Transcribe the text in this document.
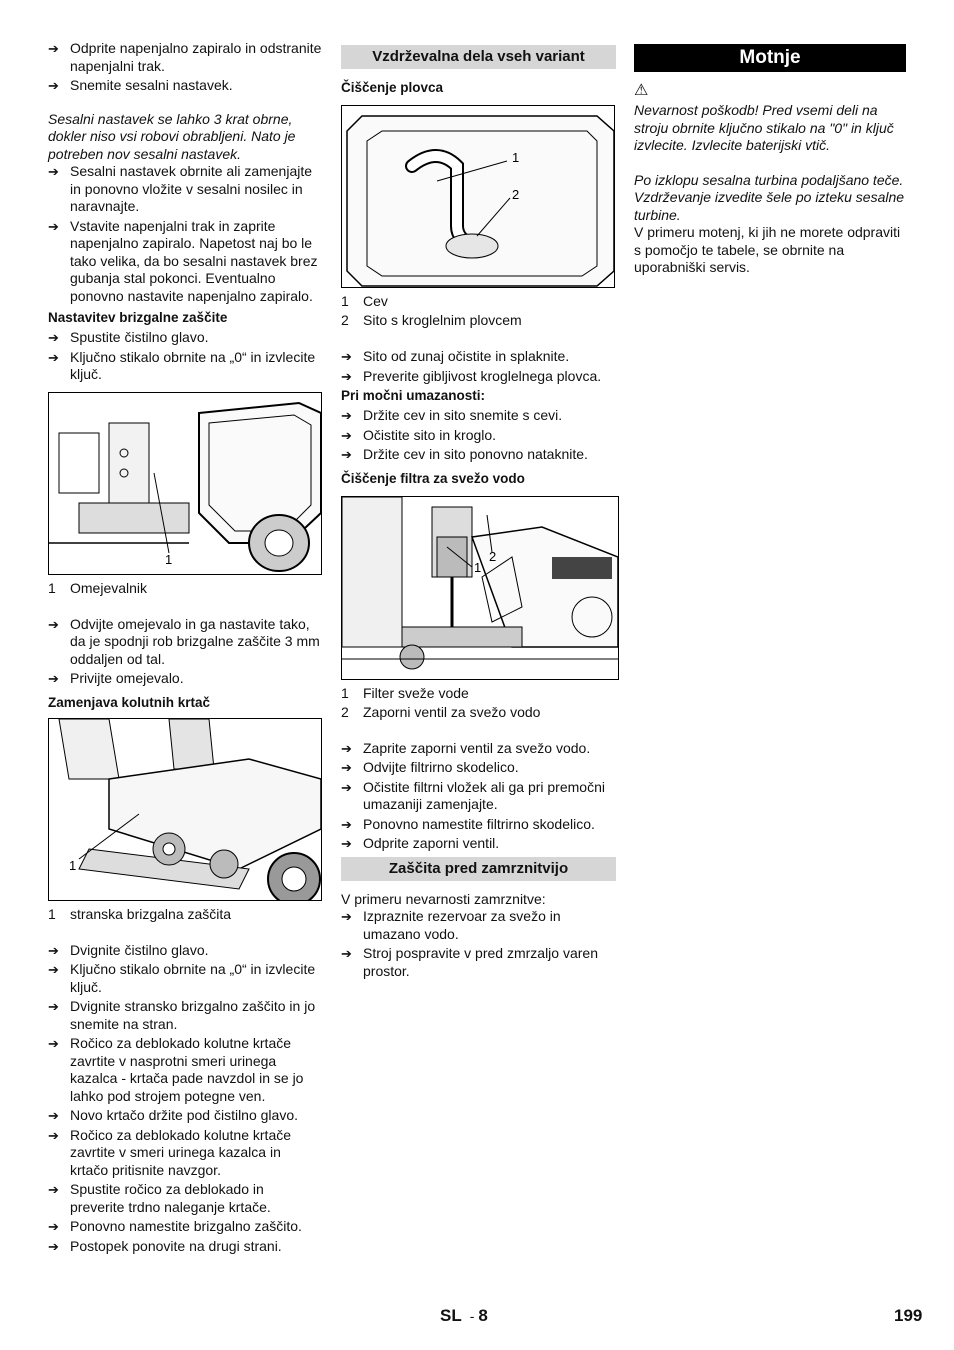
➔ Odprite napenjalno zapiralo in odstranite napenjalni trak.
➔ Snemite sesalni nastavek.
Sesalni nastavek se lahko 3 krat obrne, dokler niso vsi robovi obrabljeni. Nato je potreben nov sesalni nastavek.
➔ Sesalni nastavek obrnite ali zamenjajte in ponovno vložite v sesalni nosilec in naravnajte.
➔ Vstavite napenjalni trak in zaprite napenjalno zapiralo. Napetost naj bo le tako velika, da bo sesalni nastavek brez gubanja stal pokonci. Eventualno ponovno nastavite napenjalno zapiralo.
Nastavitev brizgalne zaščite
➔ Spustite čistilno glavo.
➔ Ključno stikalo obrnite na „0“ in izvlecite ključ.
1
1 Omejevalnik
➔ Odvijte omejevalo in ga nastavite tako, da je spodnji rob brizgalne zaščite 3 mm oddaljen od tal.
➔ Privijte omejevalo.
Zamenjava kolutnih krtač
1
1 stranska brizgalna zaščita
➔ Dvignite čistilno glavo.
➔ Ključno stikalo obrnite na „0“ in izvlecite ključ.
➔ Dvignite stransko brizgalno zaščito in jo snemite na stran.
➔ Ročico za deblokado kolutne krtače zavrtite v nasprotni smeri urinega kazalca - krtača pade navzdol in se jo lahko pod strojem potegne ven.
➔ Novo krtačo držite pod čistilno glavo.
➔ Ročico za deblokado kolutne krtače zavrtite v smeri urinega kazalca in krtačo pritisnite navzgor.
➔ Spustite ročico za deblokado in preverite trdno naleganje krtače.
➔ Ponovno namestite brizgalno zaščito.
➔ Postopek ponovite na drugi strani.
Vzdrževalna dela vseh variant
Čiščenje plovca
1
2
1 Cev
2 Sito s kroglelnim plovcem
➔ Sito od zunaj očistite in splaknite.
➔ Preverite gibljivost kroglelnega plovca.
Pri močni umazanosti:
➔ Držite cev in sito snemite s cevi.
➔ Očistite sito in kroglo.
➔ Držite cev in sito ponovno nataknite.
Čiščenje filtra za svežo vodo
1
2
1 Filter sveže vode
2 Zaporni ventil za svežo vodo
➔ Zaprite zaporni ventil za svežo vodo.
➔ Odvijte filtrirno skodelico.
➔ Očistite filtrni vložek ali ga pri premočni umazaniji zamenjajte.
➔ Ponovno namestite filtrirno skodelico.
➔ Odprite zaporni ventil.
Zaščita pred zamrznitvijo
V primeru nevarnosti zamrznitve:
➔ Izpraznite rezervoar za svežo in umazano vodo.
➔ Stroj pospravite v pred zmrzaljo varen prostor.
Motnje
⚠
Nevarnost poškodb! Pred vsemi deli na stroju obrnite ključno stikalo na "0" in ključ izvlecite. Izvlecite baterijski vtič.
Po izklopu sesalna turbina podaljšano teče. Vzdrževanje izvedite šele po izteku sesalne turbine.
V primeru motenj, ki jih ne morete odpraviti s pomočjo te tabele, se obrnite na uporabniški servis.
SL - 8	199
